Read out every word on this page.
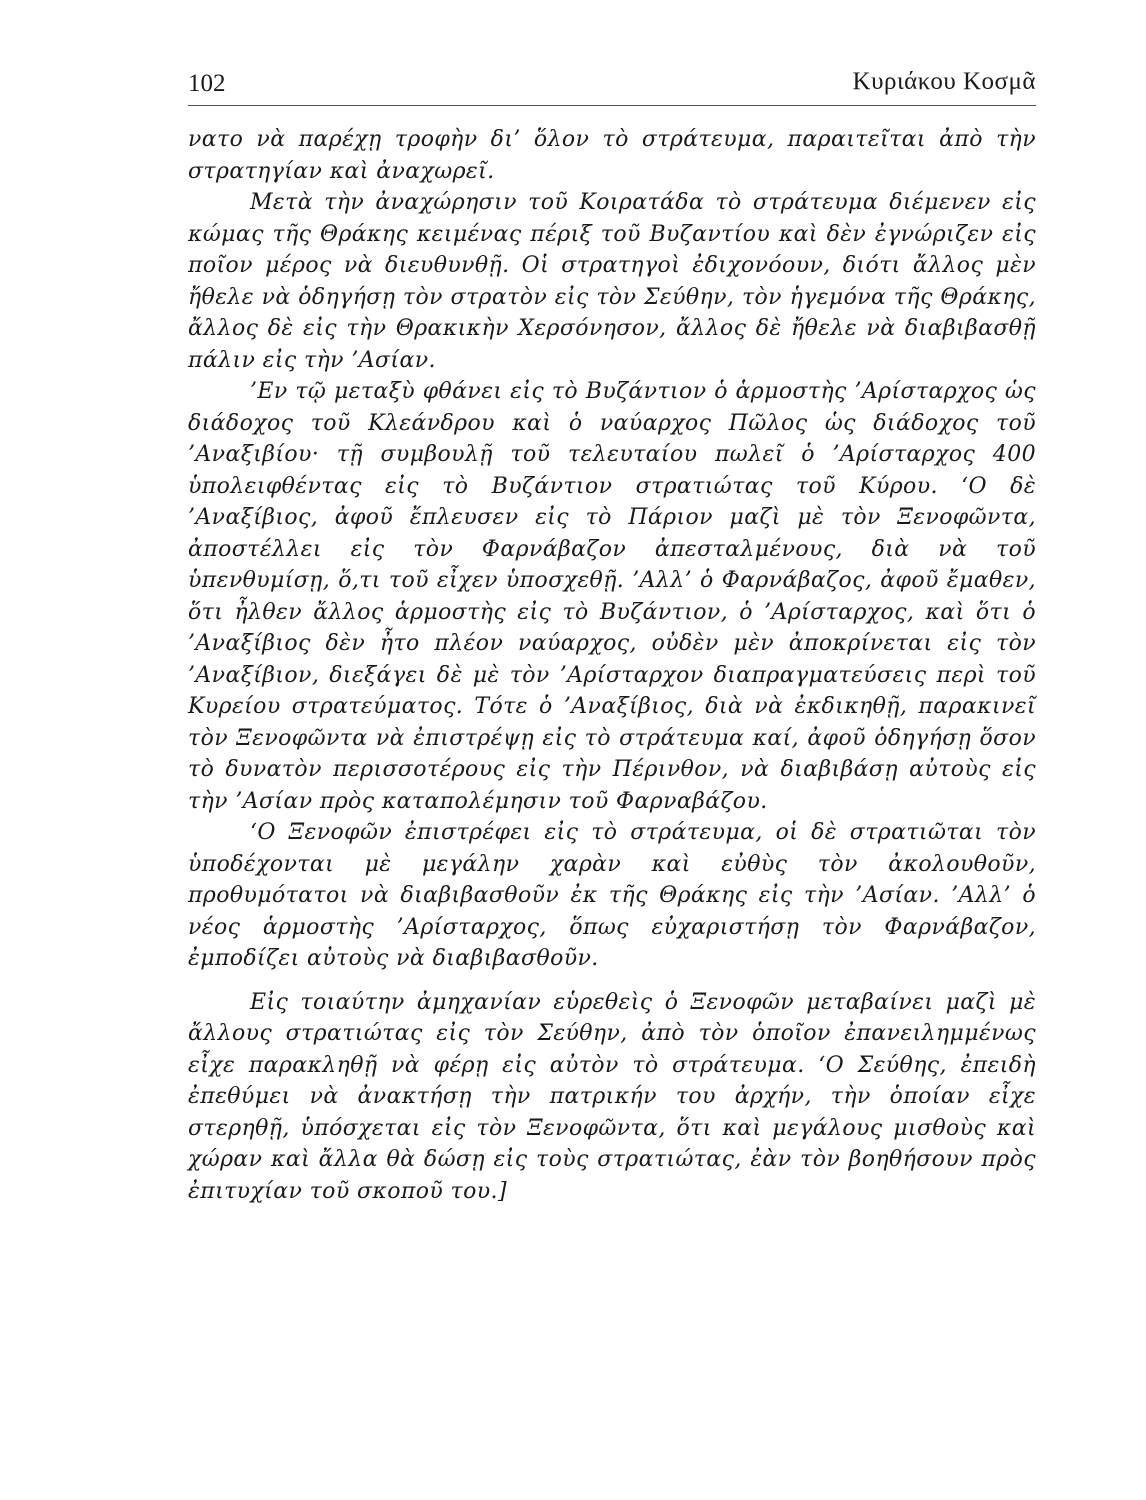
102	Κυριάκου Κοσμᾶ

νατο νὰ παρέχῃ τροφὴν δι’ ὅλον τὸ στράτευμα, παραιτεῖται ἀπὸ τὴν στρατηγίαν καὶ ἀναχωρεῖ.

Μετὰ τὴν ἀναχώρησιν τοῦ Κοιρατάδα τὸ στράτευμα διέμενεν εἰς κώμας τῆς Θράκης κειμένας πέριξ τοῦ Βυζαντίου καὶ δὲν ἐγνώριζεν εἰς ποῖον μέρος νὰ διευθυνθῇ. Οἱ στρατηγοὶ ἐδιχονόουν, διότι ἄλλος μὲν ἤθελε νὰ ὁδηγήσῃ τὸν στρατὸν εἰς τὸν Σεύθην, τὸν ἡγεμόνα τῆς Θράκης, ἄλλος δὲ εἰς τὴν Θρακικὴν Χερσόνησον, ἄλλος δὲ ἤθελε νὰ διαβιβασθῇ πάλιν εἰς τὴν ’Ασίαν.

’Εν τῷ μεταξὺ φθάνει εἰς τὸ Βυζάντιον ὁ ἁρμοστὴς ’Αρίσταρχος ὡς διάδοχος τοῦ Κλεάνδρου καὶ ὁ ναύαρχος Πῶλος ὡς διάδοχος τοῦ ’Αναξιβίου· τῇ συμβουλῇ τοῦ τελευταίου πωλεῖ ὁ ’Αρίσταρχος 400 ὑπολειφθέντας εἰς τὸ Βυζάντιον στρατιώτας τοῦ Κύρου. ‘Ο δὲ ’Αναξίβιος, ἀφοῦ ἔπλευσεν εἰς τὸ Πάριον μαζὶ μὲ τὸν Ξενοφῶντα, ἀποστέλλει εἰς τὸν Φαρνάβαζον ἀπεσταλμένους, διὰ νὰ τοῦ ὑπενθυμίσῃ, ὅ,τι τοῦ εἶχεν ὑποσχεθῇ. ’Αλλ’ ὁ Φαρνάβαζος, ἀφοῦ ἔμαθεν, ὅτι ἦλθεν ἄλλος ἁρμοστὴς εἰς τὸ Βυζάντιον, ὁ ’Αρίσταρχος, καὶ ὅτι ὁ ’Αναξίβιος δὲν ἦτο πλέον ναύαρχος, οὐδὲν μὲν ἀποκρίνεται εἰς τὸν ’Αναξίβιον, διεξάγει δὲ μὲ τὸν ’Αρίσταρχον διαπραγματεύσεις περὶ τοῦ Κυρείου στρατεύματος. Τότε ὁ ’Αναξίβιος, διὰ νὰ ἐκδικηθῇ, παρακινεῖ τὸν Ξενοφῶντα νὰ ἐπιστρέψῃ εἰς τὸ στράτευμα καί, ἀφοῦ ὁδηγήσῃ ὅσον τὸ δυνατὸν περισσοτέρους εἰς τὴν Πέρινθον, νὰ διαβιβάσῃ αὐτοὺς εἰς τὴν ’Ασίαν πρὸς καταπολέμησιν τοῦ Φαρναβάζου.

‘Ο Ξενοφῶν ἐπιστρέφει εἰς τὸ στράτευμα, οἱ δὲ στρατιῶται τὸν ὑποδέχονται μὲ μεγάλην χαρὰν καὶ εὐθὺς τὸν ἀκολουθοῦν, προθυμότατοι νὰ διαβιβασθοῦν ἐκ τῆς Θράκης εἰς τὴν ’Ασίαν. ’Αλλ’ ὁ νέος ἁρμοστὴς ’Αρίσταρχος, ὅπως εὐχαριστήσῃ τὸν Φαρνάβαζον, ἐμποδίζει αὐτοὺς νὰ διαβιβασθοῦν.

Εἰς τοιαύτην ἀμηχανίαν εὑρεθεὶς ὁ Ξενοφῶν μεταβαίνει μαζὶ μὲ ἄλλους στρατιώτας εἰς τὸν Σεύθην, ἀπὸ τὸν ὁποῖον ἐπανειλημμένως εἶχε παρακληθῇ νὰ φέρῃ εἰς αὐτὸν τὸ στράτευμα. ‘Ο Σεύθης, ἐπειδὴ ἐπεθύμει νὰ ἀνακτήσῃ τὴν πατρικήν του ἀρχήν, τὴν ὁποίαν εἶχε στερηθῇ, ὑπόσχεται εἰς τὸν Ξενοφῶντα, ὅτι καὶ μεγάλους μισθοὺς καὶ χώραν καὶ ἄλλα θὰ δώσῃ εἰς τοὺς στρατιώτας, ἐὰν τὸν βοηθήσουν πρὸς ἐπιτυχίαν τοῦ σκοποῦ του.]
